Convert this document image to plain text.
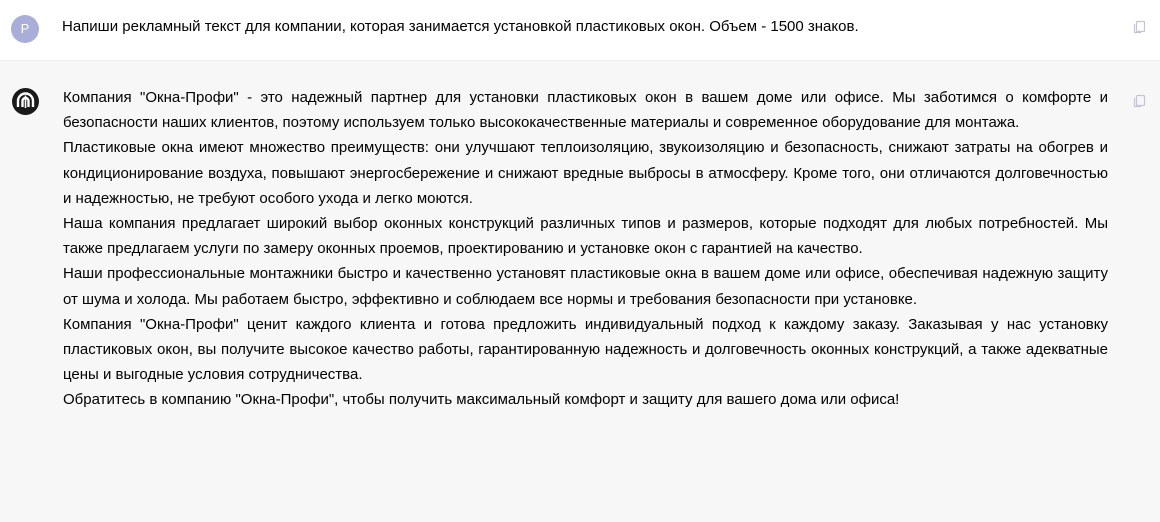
P	Напиши рекламный текст для компании, которая занимается установкой пластиковых окон. Объем - 1500 знаков.

Компания "Окна-Профи" - это надежный партнер для установки пластиковых окон в вашем доме или офисе. Мы заботимся о комфорте и безопасности наших клиентов, поэтому используем только высококачественные материалы и современное оборудование для монтажа.

Пластиковые окна имеют множество преимуществ: они улучшают теплоизоляцию, звукоизоляцию и безопасность, снижают затраты на обогрев и кондиционирование воздуха, повышают энергосбережение и снижают вредные выбросы в атмосферу. Кроме того, они отличаются долговечностью и надежностью, не требуют особого ухода и легко моются.

Наша компания предлагает широкий выбор оконных конструкций различных типов и размеров, которые подходят для любых потребностей. Мы также предлагаем услуги по замеру оконных проемов, проектированию и установке окон с гарантией на качество.

Наши профессиональные монтажники быстро и качественно установят пластиковые окна в вашем доме или офисе, обеспечивая надежную защиту от шума и холода. Мы работаем быстро, эффективно и соблюдаем все нормы и требования безопасности при установке.

Компания "Окна-Профи" ценит каждого клиента и готова предложить индивидуальный подход к каждому заказу. Заказывая у нас установку пластиковых окон, вы получите высокое качество работы, гарантированную надежность и долговечность оконных конструкций, а также адекватные цены и выгодные условия сотрудничества.

Обратитесь в компанию "Окна-Профи", чтобы получить максимальный комфорт и защиту для вашего дома или офиса!
